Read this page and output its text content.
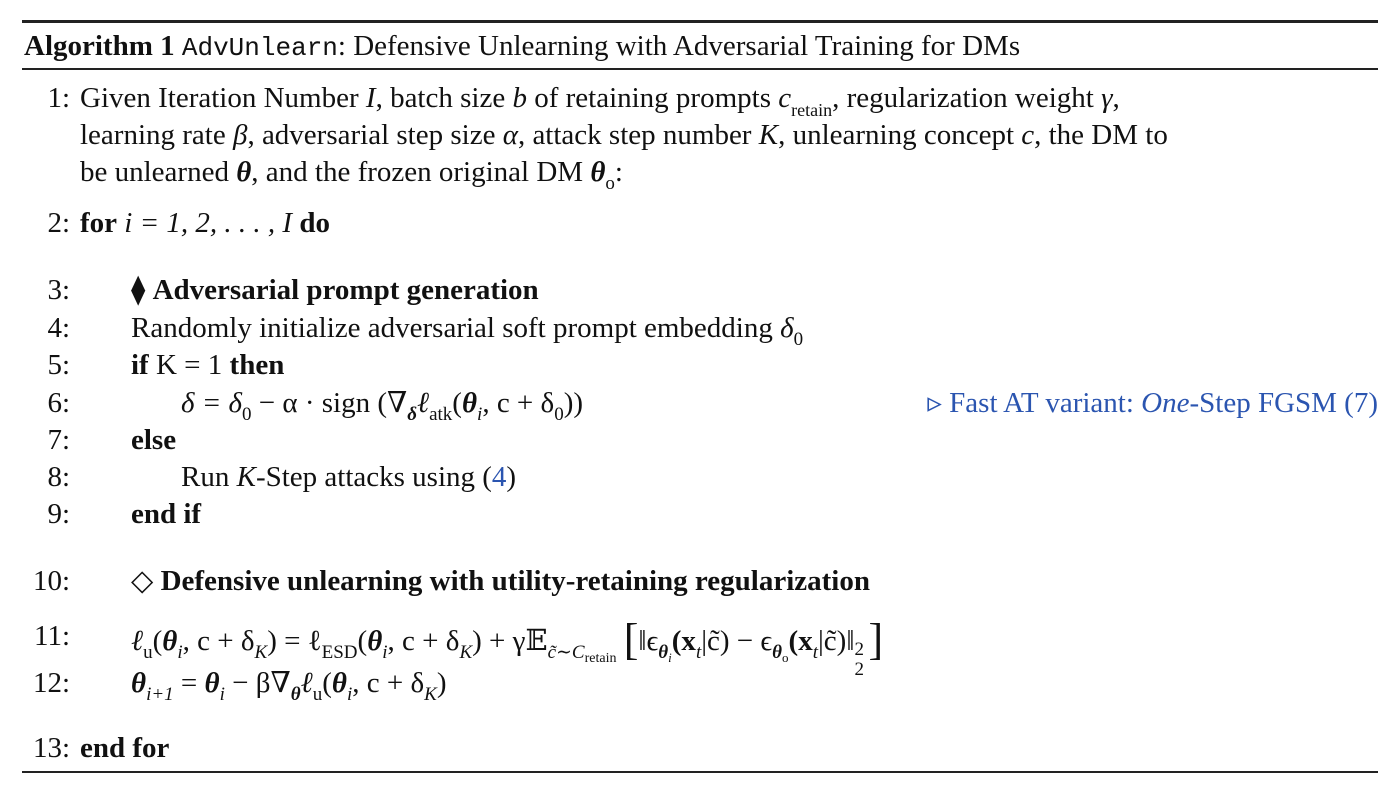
Algorithm 1 AdvUnlearn: Defensive Unlearning with Adversarial Training for DMs
1: Given Iteration Number I, batch size b of retaining prompts $c_{retain}$, regularization weight γ,
learning rate β, adversarial step size α, attack step number K, unlearning concept c, the DM to
be unlearned θ, and the frozen original DM $\theta_o$:
2: for i = 1, 2, . . . , I do
3: ⧫ Adversarial prompt generation
4: Randomly initialize adversarial soft prompt embedding $\delta_0$
5: if K = 1 then
6:	$\delta = \delta_0 - \alpha$ · sign ($\nabla_\delta\ell_{atk}(\theta_i$, $c + \delta_0$))	▹ Fast AT variant: One-Step FGSM (7)
7: else
8:	Run K-Step attacks using (4)
9: end if
10: ◇ Defensive unlearning with utility-retaining regularization
11: $\ell_u(\theta_i$, $c + \delta_K$) = $\ell_{ESD}(\theta_i$, $c + \delta_K$) + γ𝔼$_{c̃\sim Cretain}$ [$‖\epsilon_{\theta i}(x_t|c̃)$ − $\epsilon_{\theta o}(x_t|c̃)‖$ 2
2
]
12: $\theta_{i+1} = \theta_i$ − $\beta\nabla_\theta\ell_u(\theta_i$, $c + \delta_K$)
13: end for
